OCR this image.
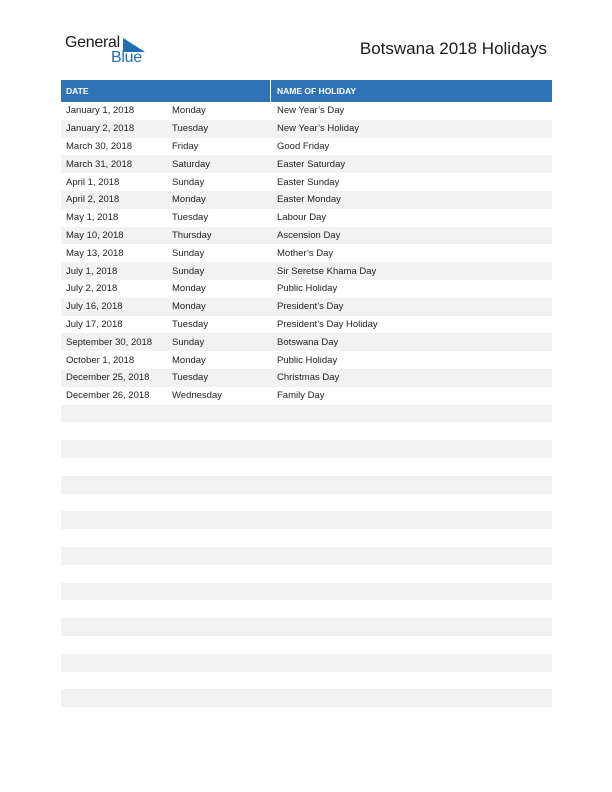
General
Blue	Botswana 2018 Holidays
DATE	NAME OF HOLIDAY
January 1, 2018	Monday	New Year’s Day
January 2, 2018	Tuesday	New Year’s Holiday
March 30, 2018	Friday	Good Friday
March 31, 2018	Saturday	Easter Saturday
April 1, 2018	Sunday	Easter Sunday
April 2, 2018	Monday	Easter Monday
May 1, 2018	Tuesday	Labour Day
May 10, 2018	Thursday	Ascension Day
May 13, 2018	Sunday	Mother’s Day
July 1, 2018	Sunday	Sir Seretse Khama Day
July 2, 2018	Monday	Public Holiday
July 16, 2018	Monday	President’s Day
July 17, 2018	Tuesday	President’s Day Holiday
September 30, 2018	Sunday	Botswana Day
October 1, 2018	Monday	Public Holiday
December 25, 2018	Tuesday	Christmas Day
December 26, 2018	Wednesday	Family Day
